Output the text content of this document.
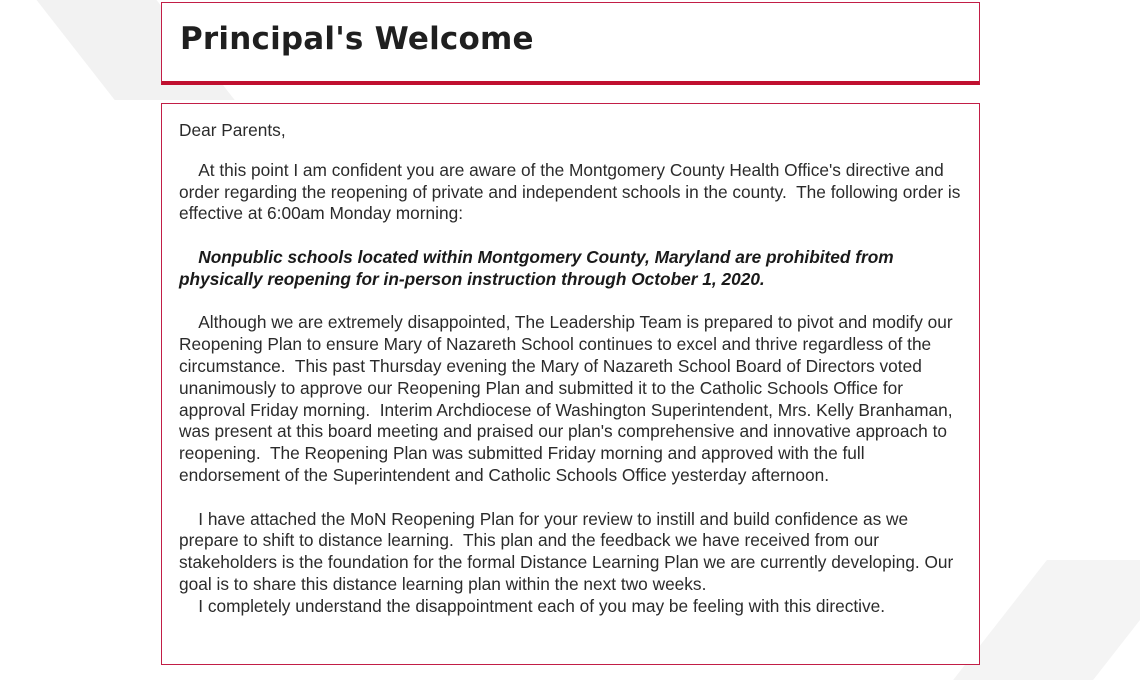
Principal's Welcome

Dear Parents,

At this point I am confident you are aware of the Montgomery County Health Office's directive and order regarding the reopening of private and independent schools in the county.  The following order is effective at 6:00am Monday morning:

Nonpublic schools located within Montgomery County, Maryland are prohibited from physically reopening for in-person instruction through October 1, 2020.

Although we are extremely disappointed, The Leadership Team is prepared to pivot and modify our Reopening Plan to ensure Mary of Nazareth School continues to excel and thrive regardless of the circumstance.  This past Thursday evening the Mary of Nazareth School Board of Directors voted unanimously to approve our Reopening Plan and submitted it to the Catholic Schools Office for approval Friday morning.  Interim Archdiocese of Washington Superintendent, Mrs. Kelly Branhaman, was present at this board meeting and praised our plan's comprehensive and innovative approach to reopening.  The Reopening Plan was submitted Friday morning and approved with the full endorsement of the Superintendent and Catholic Schools Office yesterday afternoon.

I have attached the MoN Reopening Plan for your review to instill and build confidence as we prepare to shift to distance learning.  This plan and the feedback we have received from our stakeholders is the foundation for the formal Distance Learning Plan we are currently developing. Our goal is to share this distance learning plan within the next two weeks.

I completely understand the disappointment each of you may be feeling with this directive.
